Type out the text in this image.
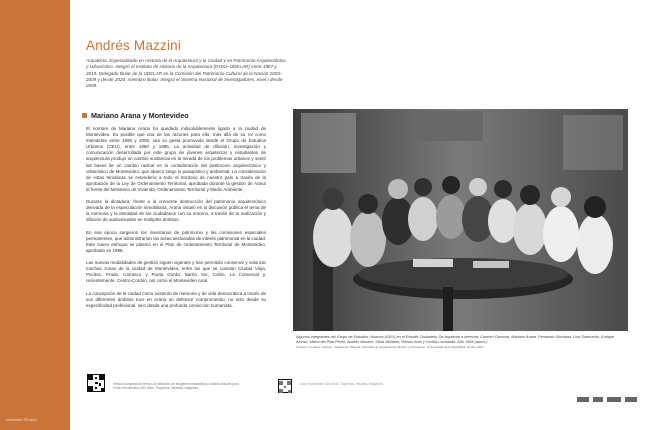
Montevideo 300 años
Andrés Mazzini

Arquitecto. Especializado en Historia de la Arquitectura y la Ciudad y en Patrimonio Arquitectónico y Urbanístico. Integró el Instituto de Historia de la Arquitectura (FADU–UDELAR) entre 1987 y 2019. Delegado titular de la UDELAR en la Comisión del Patrimonio Cultural de la Nación 2003–2009 y desde 2020, miembro titular. Integra el Sistema Nacional de Investigadores, nivel I desde 2009.

Mariano Arana y Montevideo

El nombre de Mariano Arana ha quedado indisolublemente ligado a la ciudad de Montevideo. Es posible que una de las razones para ello, más allá de su rol como intendente entre 1995 y 2005, sea su gesta promovida desde el Grupo de Estudios Urbanos (GEU), entre 1980 y 1985. La actividad de difusión, investigación y comunicación desarrollada por este grupo de jóvenes arquitectos y estudiantes de arquitectura produjo un cambio sustancial en la mirada de los problemas urbanos y sentó las bases de un cambio radical en la consideración del patrimonio arquitectónico y urbanístico de Montevideo, que abarcó luego lo paisajístico y ambiental. La consideración de estas temáticas se extendería a todo el territorio de nuestro país a través de la aprobación de la Ley de Ordenamiento Territorial, aprobada durante la gestión de Arana al frente del Ministerio de Vivienda, Ordenamiento Territorial y Medio Ambiente.

Durante la dictadura, frente a la creciente destrucción del patrimonio arquitectónico derivada de la especulación inmobiliaria, Arana instaló en la discusión pública el tema de la memoria y la identidad de los ciudadanos con su entorno, a través de la realización y difusión de audiovisuales en múltiples ámbitos.

En esa época surgieron los inventarios de patrimonio y las comisiones especiales permanentes, que administrarían las áreas declaradas de interés patrimonial en la ciudad. Este nuevo enfoque se plasmó en el Plan de Ordenamiento Territorial de Montevideo, aprobado en 1998.

Las nuevas modalidades de gestión siguen vigentes y han permitido conservar y valorizar muchas zonas de la ciudad de Montevideo, entre las que se cuentan Ciudad Vieja, Pocitos, Prado, Carrasco y Punta Gorda, Barrio Sur, Colón, La Comercial y, recientemente, Centro-Cordón, así como el Montevideo rural.

La concepción de la ciudad como sustento de memoria y de vida democrática a través de sus diferentes ámbitos tuvo en Arana un defensor comprometido, no solo desde su especificidad profesional, sino desde una profunda convicción humanista.

Algunos integrantes del Grupo de Estudios Urbanos (GEU) en el Estudio Ciudadela. De izquierda a derecha: Carmen Canoura, Mariano Arana, Fernando Giordano, Lina Sanmartín, Enrique Alonso, María del Pilar Pérez, Andrés Mazzini, Silvia Montero, Nelson Inda y Cecilia Lombardo. Año 1984 (aprox.)
Usuario: no datos. Archivo: Instituto de Historia, Facultad de Arquitectura, Diseño y Urbanismo, Universidad de la República. Fondo GEU.

Versión completa del texto y la selección de imágenes realizada por Andrés Mazzini para el libro Montevideo 300 años. Trayectos, miradas, imágenes.

Libro Montevideo 300 años. Trayectos, miradas, imágenes.
